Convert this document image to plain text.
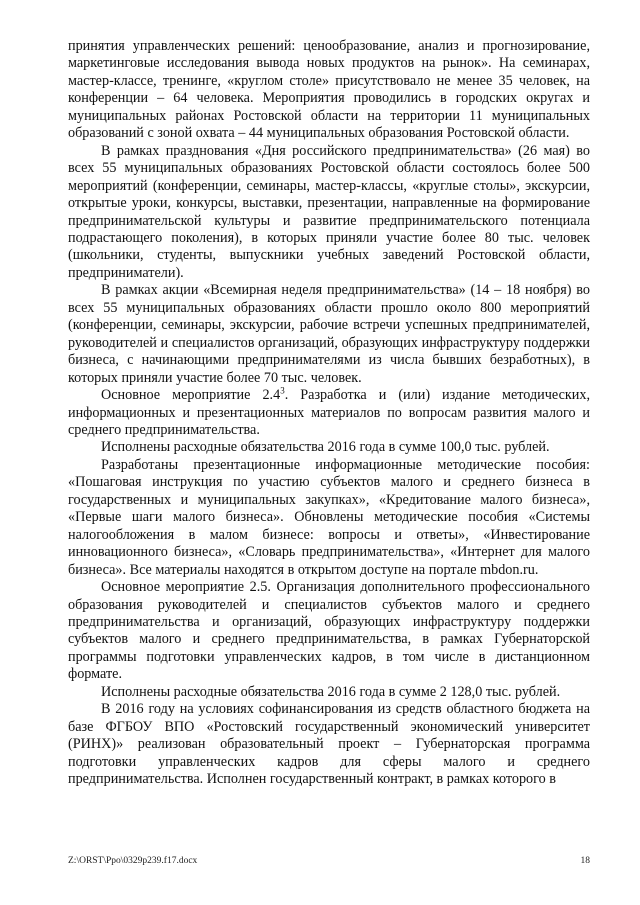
принятия управленческих решений: ценообразование, анализ и прогнозирование, маркетинговые исследования вывода новых продуктов на рынок». На семинарах, мастер-классе, тренинге, «круглом столе» присутствовало не менее 35 человек, на конференции – 64 человека. Мероприятия проводились в городских округах и муниципальных районах Ростовской области на территории 11 муниципальных образований с зоной охвата – 44 муниципальных образования Ростовской области.

В рамках празднования «Дня российского предпринимательства» (26 мая) во всех 55 муниципальных образованиях Ростовской области состоялось более 500 мероприятий (конференции, семинары, мастер-классы, «круглые столы», экскурсии, открытые уроки, конкурсы, выставки, презентации, направленные на формирование предпринимательской культуры и развитие предпринимательского потенциала подрастающего поколения), в которых приняли участие более 80 тыс. человек (школьники, студенты, выпускники учебных заведений Ростовской области, предприниматели).

В рамках акции «Всемирная неделя предпринимательства» (14 – 18 ноября) во всех 55 муниципальных образованиях области прошло около 800 мероприятий (конференции, семинары, экскурсии, рабочие встречи успешных предпринимателей, руководителей и специалистов организаций, образующих инфраструктуру поддержки бизнеса, с начинающими предпринимателями из числа бывших безработных), в которых приняли участие более 70 тыс. человек.

Основное мероприятие $2.4^3$. Разработка и (или) издание методических, информационных и презентационных материалов по вопросам развития малого и среднего предпринимательства.

Исполнены расходные обязательства 2016 года в сумме 100,0 тыс. рублей.

Разработаны презентационные информационные методические пособия: «Пошаговая инструкция по участию субъектов малого и среднего бизнеса в государственных и муниципальных закупках», «Кредитование малого бизнеса», «Первые шаги малого бизнеса». Обновлены методические пособия «Системы налогообложения в малом бизнесе: вопросы и ответы», «Инвестирование инновационного бизнеса», «Словарь предпринимательства», «Интернет для малого бизнеса». Все материалы находятся в открытом доступе на портале mbdon.ru.

Основное мероприятие 2.5. Организация дополнительного профессионального образования руководителей и специалистов субъектов малого и среднего предпринимательства и организаций, образующих инфраструктуру поддержки субъектов малого и среднего предпринимательства, в рамках Губернаторской программы подготовки управленческих кадров, в том числе в дистанционном формате.

Исполнены расходные обязательства 2016 года в сумме 2 128,0 тыс. рублей.

В 2016 году на условиях софинансирования из средств областного бюджета на базе ФГБОУ ВПО «Ростовский государственный экономический университет (РИНХ)» реализован образовательный проект – Губернаторская программа подготовки управленческих кадров для сферы малого и среднего предпринимательства. Исполнен государственный контракт, в рамках которого в

Z:\ORST\Ppo\0329p239.f17.docx	18
